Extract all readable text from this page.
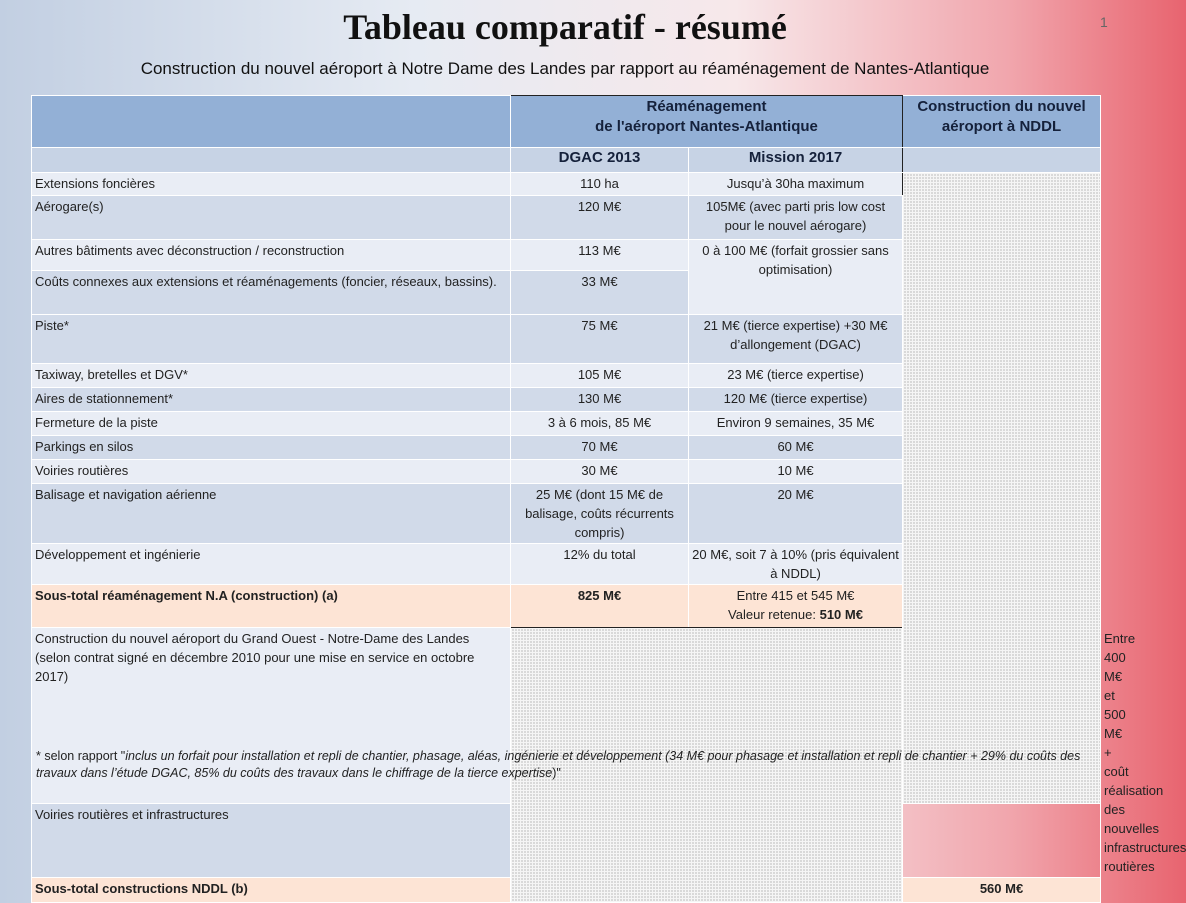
Tableau comparatif - résumé	1
Construction du nouvel aéroport à Notre Dame des Landes par rapport au réaménagement de Nantes-Atlantique
	Réaménagement
de l'aéroport Nantes-Atlantique		Construction du nouvel
aéroport à NDDL	
	DGAC 2013	Mission 2017		
Extensions foncières	110 ha	Jusqu’à 30ha maximum		
Aérogare(s)	120 M€	105M€ (avec parti pris low cost pour le nouvel aérogare)		
Autres bâtiments avec déconstruction / reconstruction	113 M€	0 à 100 M€ (forfait grossier sans optimisation)		
Coûts connexes aux extensions et réaménagements (foncier, réseaux, bassins).	33 M€			
Piste*	75 M€	21 M€ (tierce expertise) +30 M€ d’allongement (DGAC)		
Taxiway, bretelles et DGV*	105 M€	23 M€ (tierce expertise)		
Aires de stationnement*	130 M€	120 M€ (tierce expertise)		
Fermeture de la piste	3 à 6 mois, 85 M€	Environ 9 semaines, 35 M€		
Parkings en silos	70 M€	60 M€		
Voiries routières	30 M€	10 M€		
Balisage et navigation aérienne	25 M€ (dont 15 M€ de balisage, coûts récurrents compris)	20 M€		
Développement et ingénierie	12% du total	20 M€, soit 7 à 10% (pris équivalent à NDDL)		
Sous-total réaménagement N.A (construction) (a)	825 M€	Entre 415 et 545 M€
Valeur retenue: 510 M€		
Construction du nouvel aéroport du Grand Ouest - Notre-Dame des Landes (selon contrat signé en décembre 2010 pour une mise en service en octobre 2017)				Entre 400 M€ et 500 M€ + coût réalisation des nouvelles infrastructures routières
Voiries routières et infrastructures				
Sous-total constructions NDDL (b)			560 M€	
* selon rapport "inclus un forfait pour installation et repli de chantier, phasage, aléas, ingénierie et développement (34 M€ pour phasage et installation et repli de chantier + 29% du coûts des travaux dans l’étude DGAC, 85% du coûts des travaux dans le chiffrage de la tierce expertise)"
